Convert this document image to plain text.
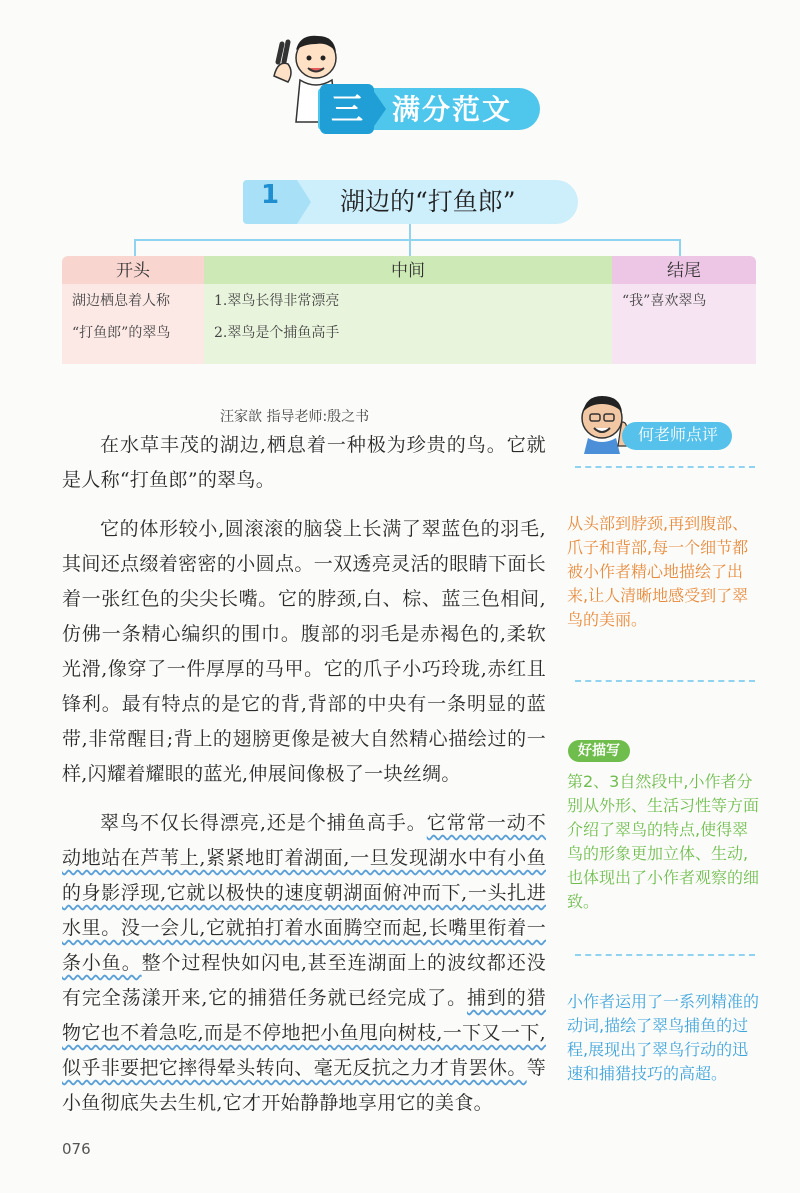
三	满分范文
1	湖边的“打鱼郎”
开头
湖边栖息着人称
“打鱼郎”的翠鸟
中间
1.翠鸟长得非常漂亮
2.翠鸟是个捕鱼高手
结尾
“我”喜欢翠鸟
汪家歆 指导老师:殷之书

在水草丰茂的湖边,栖息着一种极为珍贵的鸟。它就是人称“打鱼郎”的翠鸟。

它的体形较小,圆滚滚的脑袋上长满了翠蓝色的羽毛,其间还点缀着密密的小圆点。一双透亮灵活的眼睛下面长着一张红色的尖尖长嘴。它的脖颈,白、棕、蓝三色相间,仿佛一条精心编织的围巾。腹部的羽毛是赤褐色的,柔软光滑,像穿了一件厚厚的马甲。它的爪子小巧玲珑,赤红且锋利。最有特点的是它的背,背部的中央有一条明显的蓝带,非常醒目;背上的翅膀更像是被大自然精心描绘过的一样,闪耀着耀眼的蓝光,伸展间像极了一块丝绸。

翠鸟不仅长得漂亮,还是个捕鱼高手。它常常一动不动地站在芦苇上,紧紧地盯着湖面,一旦发现湖水中有小鱼的身影浮现,它就以极快的速度朝湖面俯冲而下,一头扎进水里。没一会儿,它就拍打着水面腾空而起,长嘴里衔着一条小鱼。整个过程快如闪电,甚至连湖面上的波纹都还没有完全荡漾开来,它的捕猎任务就已经完成了。捕到的猎物它也不着急吃,而是不停地把小鱼甩向树枝,一下又一下,似乎非要把它摔得晕头转向、毫无反抗之力才肯罢休。等小鱼彻底失去生机,它才开始静静地享用它的美食。

何老师点评
从头部到脖颈,再到腹部、爪子和背部,每一个细节都被小作者精心地描绘了出来,让人清晰地感受到了翠鸟的美丽。
好描写
第2、3自然段中,小作者分别从外形、生活习性等方面介绍了翠鸟的特点,使得翠鸟的形象更加立体、生动,也体现出了小作者观察的细致。
小作者运用了一系列精准的动词,描绘了翠鸟捕鱼的过程,展现出了翠鸟行动的迅速和捕猎技巧的高超。
076
